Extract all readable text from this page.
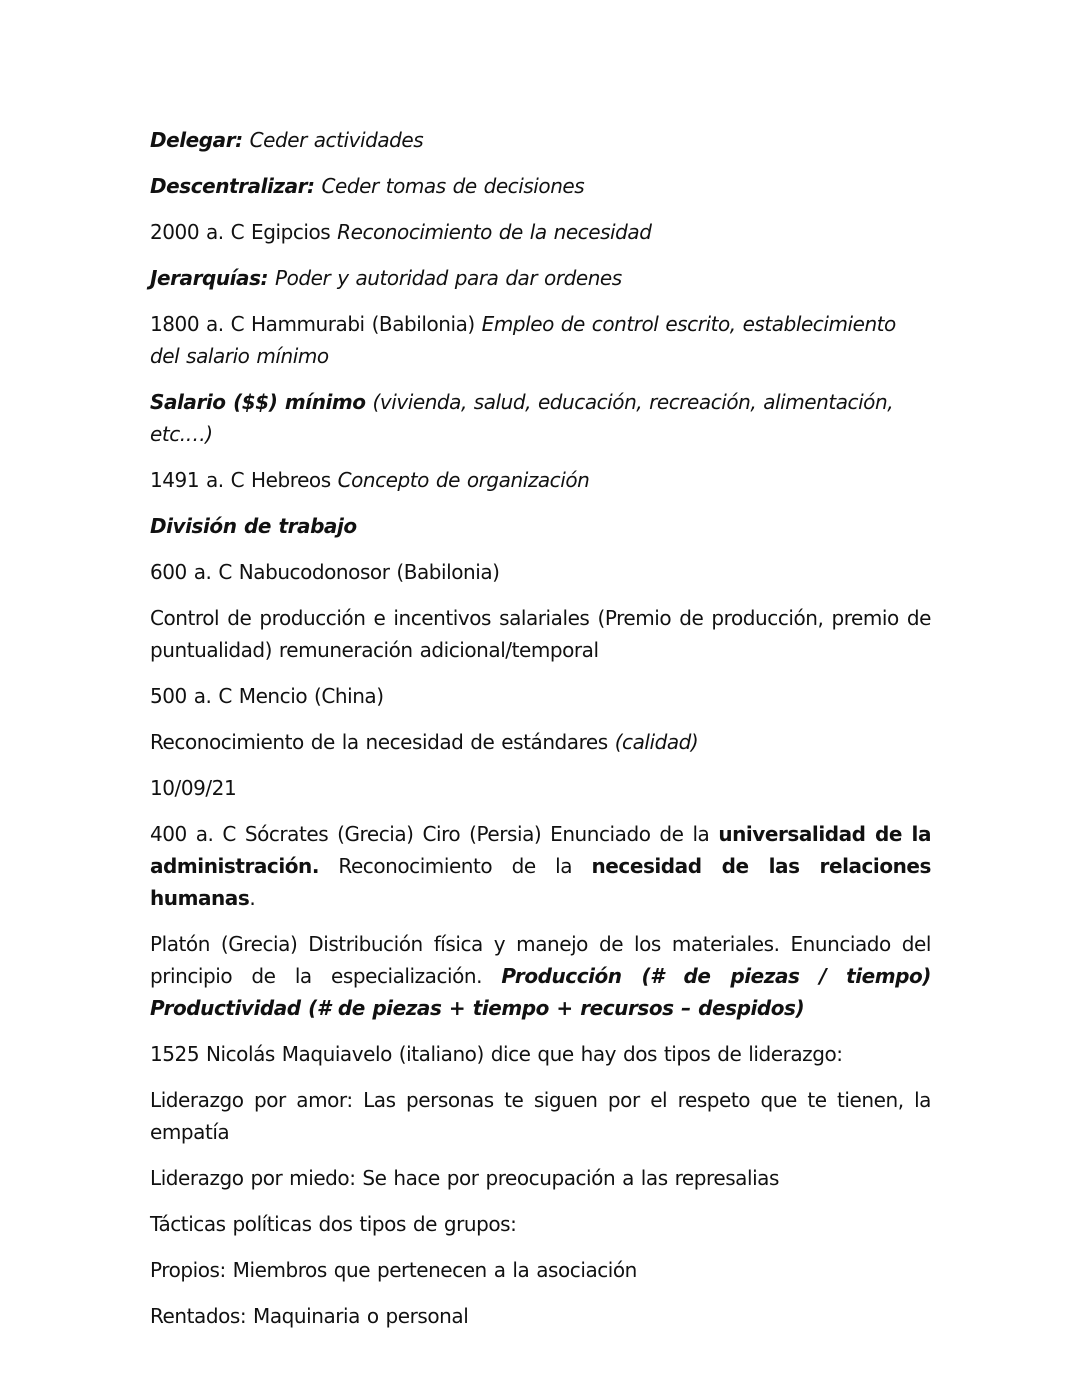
Delegar: Ceder actividades

Descentralizar: Ceder tomas de decisiones

2000 a. C Egipcios Reconocimiento de la necesidad

Jerarquías: Poder y autoridad para dar ordenes

1800 a. C Hammurabi (Babilonia) Empleo de control escrito, establecimiento del salario mínimo

Salario ($$) mínimo (vivienda, salud, educación, recreación, alimentación, etc.…)

1491 a. C Hebreos Concepto de organización

División de trabajo

600 a. C Nabucodonosor (Babilonia)

Control de producción e incentivos salariales (Premio de producción, premio de puntualidad) remuneración adicional/temporal

500 a. C Mencio (China)

Reconocimiento de la necesidad de estándares (calidad)

10/09/21

400 a. C Sócrates (Grecia) Ciro (Persia) Enunciado de la universalidad de la administración. Reconocimiento de la necesidad de las relaciones humanas.

Platón (Grecia) Distribución física y manejo de los materiales. Enunciado del principio de la especialización. Producción (# de piezas / tiempo) Productividad (# de piezas + tiempo + recursos – despidos)

1525 Nicolás Maquiavelo (italiano) dice que hay dos tipos de liderazgo:

Liderazgo por amor: Las personas te siguen por el respeto que te tienen, la empatía

Liderazgo por miedo: Se hace por preocupación a las represalias

Tácticas políticas dos tipos de grupos:

Propios: Miembros que pertenecen a la asociación

Rentados: Maquinaria o personal
